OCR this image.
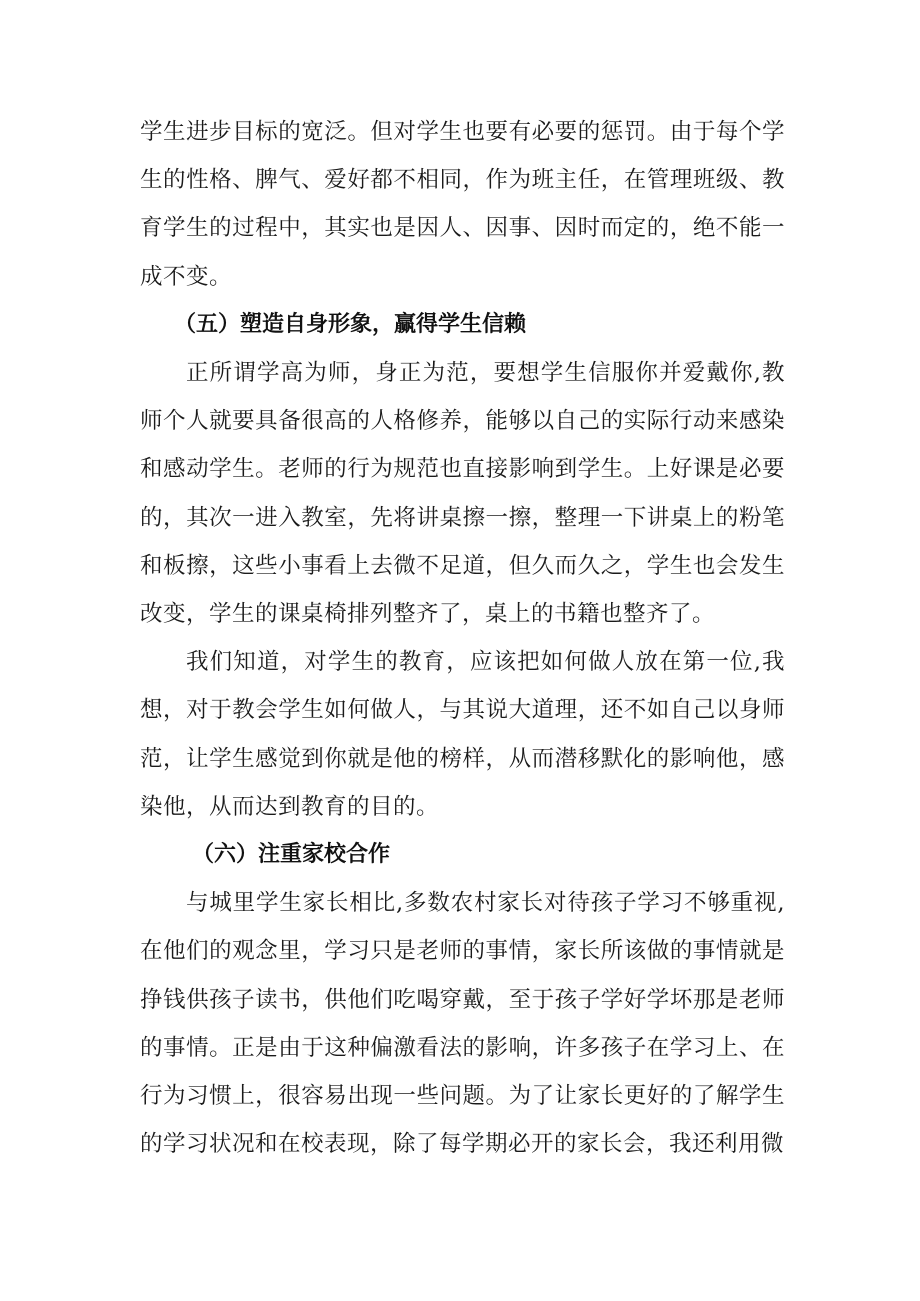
学生进步目标的宽泛。但对学生也要有必要的惩罚。由于每个学生的性格、脾气、爱好都不相同，作为班主任，在管理班级、教育学生的过程中，其实也是因人、因事、因时而定的，绝不能一成不变。

（五）塑造自身形象，赢得学生信赖

正所谓学高为师，身正为范，要想学生信服你并爱戴你,教师个人就要具备很高的人格修养，能够以自己的实际行动来感染和感动学生。老师的行为规范也直接影响到学生。上好课是必要的，其次一进入教室，先将讲桌擦一擦，整理一下讲桌上的粉笔和板擦，这些小事看上去微不足道，但久而久之，学生也会发生改变，学生的课桌椅排列整齐了，桌上的书籍也整齐了。

我们知道，对学生的教育，应该把如何做人放在第一位,我想，对于教会学生如何做人，与其说大道理，还不如自己以身师范，让学生感觉到你就是他的榜样，从而潜移默化的影响他，感染他，从而达到教育的目的。

（六）注重家校合作

与城里学生家长相比,多数农村家长对待孩子学习不够重视,在他们的观念里，学习只是老师的事情，家长所该做的事情就是挣钱供孩子读书，供他们吃喝穿戴，至于孩子学好学坏那是老师的事情。正是由于这种偏激看法的影响，许多孩子在学习上、在行为习惯上，很容易出现一些问题。为了让家长更好的了解学生的学习状况和在校表现，除了每学期必开的家长会，我还利用微
